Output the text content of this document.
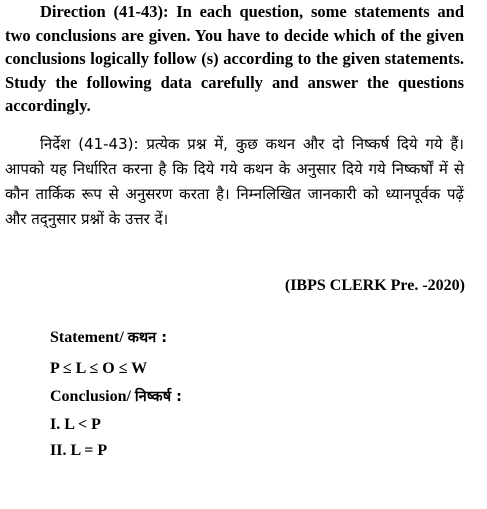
Direction (41-43): In each question, some statements and two conclusions are given. You have to decide which of the given conclusions logically follow (s) according to the given statements. Study the following data carefully and answer the questions accordingly.

निर्देश (41-43): प्रत्येक प्रश्न में, कुछ कथन और दो निष्कर्ष दिये गये हैं। आपको यह निर्धारित करना है कि दिये गये कथन के अनुसार दिये गये निष्कर्षों में से कौन तार्किक रूप से अनुसरण करता है। निम्नलिखित जानकारी को ध्यानपूर्वक पढ़ें और तद्नुसार प्रश्नों के उत्तर दें।

(IBPS CLERK Pre. -2020)

Statement/ कथन :

P ≤ L ≤ O ≤ W

Conclusion/ निष्कर्ष :

I. L < P

II. L = P
